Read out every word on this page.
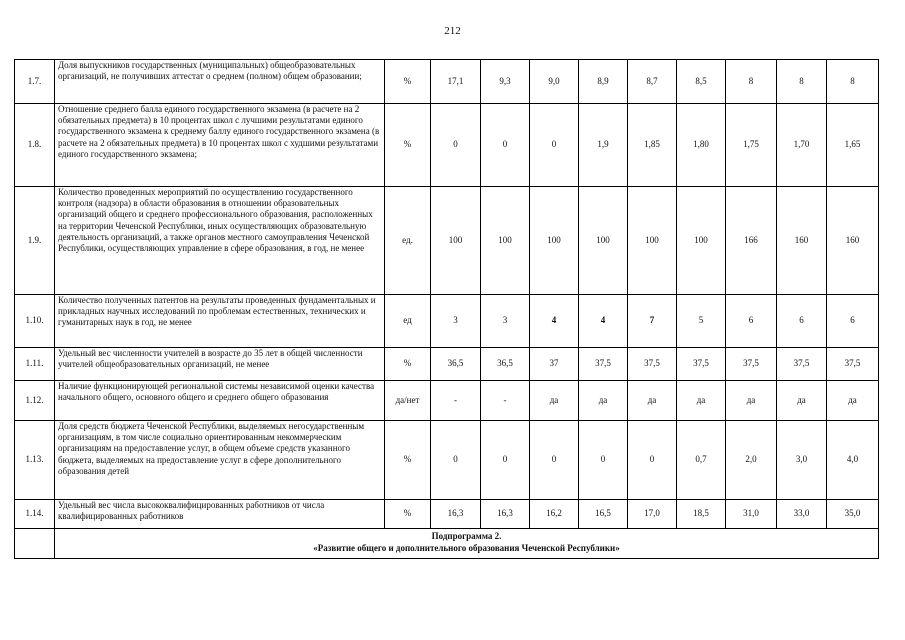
212
1.7.	Доля выпускников государственных (муниципальных) общеобразовательных организаций, не получивших аттестат о среднем (полном) общем образовании;	%	17,1	9,3	9,0	8,9	8,7	8,5	8	8	8
1.8.	Отношение среднего балла единого государственного экзамена (в расчете на 2 обязательных предмета) в 10 процентах школ с лучшими результатами единого государственного экзамена к среднему баллу единого государственного экзамена (в расчете на 2 обязательных предмета) в 10 процентах школ с худшими результатами единого государственного экзамена;	%	0	0	0	1,9	1,85	1,80	1,75	1,70	1,65
1.9.	Количество проведенных мероприятий по осуществлению государственного контроля (надзора) в области образования в отношении образовательных организаций общего и среднего профессионального образования, расположенных на территории Чеченской Республики, иных осуществляющих образовательную деятельность организаций, а также органов местного самоуправления Чеченской Республики, осуществляющих управление в сфере образования, в год, не менее	ед.	100	100	100	100	100	100	166	160	160
1.10.	Количество полученных патентов на результаты проведенных фундаментальных и прикладных научных исследований по проблемам естественных, технических и гуманитарных наук в год, не менее	ед	3	3	4	4	7	5	6	6	6
1.11.	Удельный вес численности учителей в возрасте до 35 лет в общей численности учителей общеобразовательных организаций, не менее	%	36,5	36,5	37	37,5	37,5	37,5	37,5	37,5	37,5
1.12.	Наличие функционирующей региональной системы независимой оценки качества начального общего, основного общего и среднего общего образования	да/нет	-	-	да	да	да	да	да	да	да
1.13.	Доля средств бюджета Чеченской Республики, выделяемых негосударственным организациям, в том числе социально ориентированным некоммерческим организациям на предоставление услуг, в общем объеме средств указанного бюджета, выделяемых на предоставление услуг в сфере дополнительного образования детей	%	0	0	0	0	0	0,7	2,0	3,0	4,0
1.14.	Удельный вес числа высококвалифицированных работников от числа квалифицированных работников	%	16,3	16,3	16,2	16,5	17,0	18,5	31,0	33,0	35,0

	Подпрограмма 2.
«Развитие общего и дополнительного образования Чеченской Республики»										
